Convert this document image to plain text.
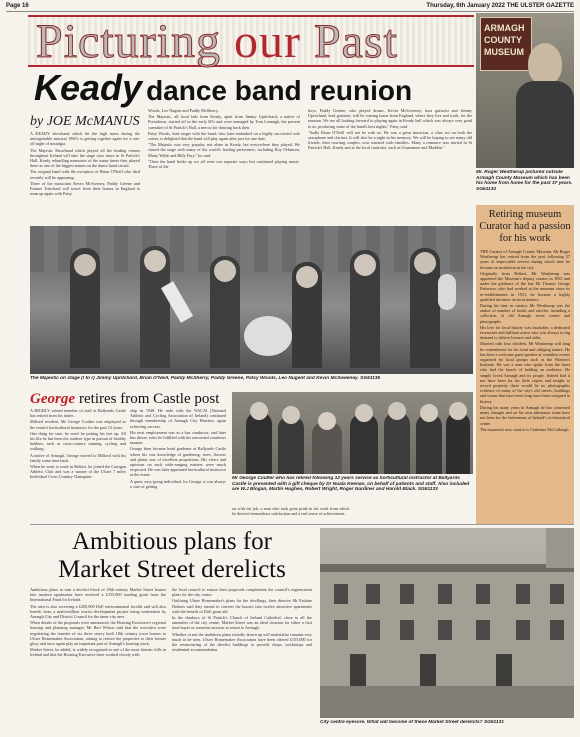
Page 16	Thursday, 6th January 2022 THE ULSTER GAZETTE
Picturing our Past	ARMAGH
COUNTY
MUSEUM
Mr. Roger Weatherup pictured outside Armagh County Museum which has been his home from home for the past 37 years. SG51134
Retiring museum Curator had a passion for his work

THE Curator of Armagh County Museum, Mr Roger Weatherup has retired from the post following 37 years of impeccable service during which time he became an institution in the city.

Originally from Belfast, Mr Weatherup was appointed the Museum's deputy curator in 1955 and under the guidance of the late Mr Thomas George Patterson, who had worked at the museum since its re-establishment in 1931, he became a highly qualified informer on local matters.

During his time as curator, Mr Weatherup was the author of number of books and articles, including a collection of old Armagh street scenes and photographs.

His love for local history was insatiable, a dedicated researcher and brilliant orator who was always in big demand to deliver lectures and talks.

Married with four children, Mr Weatherup will long be remembered for his kind and obliging nature. He has been a welcome guest speaker at countless events organised by local groups such as the Women's Institute. He was a man who spoke from the heart who had the knack of holding an audience. He simply loved Armagh and its people. Indeed had it not have been for his little capers and insight to record posterity there would be no photographic evidence of many of the city's old streets, buildings and scenes that have been long since been resigned to history.

During his many years in Armagh he has witnessed many changes and on his own admission some have not been for the betterment of Ireland's ecclesiastical centre.

The museum's new curator is Catherine McCullough.

Keady dance band reunion
by JOE McMANUS

A KEADY showband which hit the high notes during the unforgettable musical 1960's is getting together again for a one-off night of nostalgia.

The Majestic Showband which played all the leading venues throughout Ireland will take the stage once more in St Patrick's Hall, Keady rekindling memories of the many times they played there as one of the biggest names on the dance band circuit.

The original band with the exception of Brian O'Neill who died recently will be appearing.

Three of the musicians Kevin McSweney, Paddy Greene and Emmet Trinchard will travel from their homes in England to team up again with Patsy

Woods, Leo Nugent and Paddy McSherry.

The Majestic, all local lads from Keady, apart from Jimmy Upritchard, a native of Portadown, started off in the early 60's and were managed by Tom Lennagh, the present caretaker of St Patrick's Hall, a mecca for dancing back then.

Patsy Woods, lead singer with the band, who later embarked on a highly successful solo career, is delighted that the band will play again after just for one date.

"The Majestic was very popular, not alone in Keady, but everywhere they played. We shared the stage with many of the world's leading performers, including Roy Orbinson, Marty Wilde and Billy Fury," he said.

"Once the band broke up we all went our separate ways but continued playing music. Three of the

boys, Paddy Greene, who played drums, Kevin McSweeney, bass guitarist and Jimmy Upritchard, lead guitarist, will be coming home from England, where they live and work, for the reunion. We are all looking forward to playing again in Keady hall which was always very good to us, producing some of the band's best nights," Patsy said.

"Sadly Brian O'Neill will not be with us. He was a great musician, a class act on both the saxophone and clarinet. It will also be a night in his memory. We will be hoping to see many old friends, then courting couples, now married with families. Many a romance was started in St Patrick's Hall, Keady and at the local carnivals, such as Granemore and Madden."

The Majestic on stage (l to r) Jimmy Upritchard, Brian O'Neill, Paddy McSherry, Paddy Greene, Patsy Woods, Leo Nugent and Kevin McSweeney. SG51135
George retires from Castle post

A HIGHLY valued member of staff at Ballyards Castle has retired from his duties.

Milford resident, Mr George Coulter was employed as the estate's horticultural instructor for the past 12 years.

One thing for sure, he won't be putting his feet up. All his life he has been the outdoor type in pursuit of healthy hobbies, such as cross-country running, cycling and walking.

A native of Armagh, George moved to Milford with his family some time back.

When he went to work in Belfast, he joined the Carrigan Athletic Club and was a winner of the Ulster 7 miles Individual Cross Country Champion-

ship in 1948. He rode with the NACAI (National Athletic and Cycling Association of Ireland) continued through membership of Armagh City Harriers, again achieving success.

His next employment was as a bus conductor, and later bus driver, roles he fulfilled with his renowned courteous manner.

George then became head gardener at Ballyards Castle where his vast knowledge of gardening, trees, flowers and plants was of excellent proportions. His views and opinions on such wide-ranging matters were much respected. He was later appointed horticultural instructor at the estate.

A quiet, easy-going individual, for George, it was always a case of getting

Mr George Coulter who has retired following 12 years service as horticultural instructor at Ballyards Castle is presented with a gift cheque by Dr Nuala Keenan, on behalf of patients and staff. Also included are W.J Blogan, Martin Hughes, Robert Wright, Roger Gardiner and Harold Black. SG51133
on with the job, a man who took great pride in his work from which he derived tremendous satisfaction and a real sense of achievement.
Ambitious plans for
Market Street derelicts

Ambitious plans to turn a derelict block of 18th century Market Street houses into modern apartments have received a £155,000 funding grant from the International Fund for Ireland.

The area is also receiving a £200,000 DoE environmental facelift and will also benefit from a multi-million tourist development project being undertaken by Armagh City and District Council for the inner city area.

When details of the proposals were announced, the Housing Executive's regional housing and planning manager, Mr Bert Wilson said that the executive were negotiating the transfer of six three storey built 18th century town houses to Ulster Homemaker Association, aiming to restore the properties to their former glory and once again play an important part of Armagh's housing stock.

Market Street, he added, is widely recognised as one of the most historic hills in Ireland and that the Housing Executive have worked closely with

the local council to ensure their proposals complement the council's regeneration plans for the city centre.

Outlining Ulster Homemaker's plans for the dwellings, their director Mr Erskine Holmes said they intend to convert the houses into twelve attractive apartments with the benefit of DoE grant aid.

In the shadows of St Patrick's Church of Ireland Cathedral, close to all the amenities of the city centre, Market Street was an ideal location for either a first time buyer or someone anxious to return to Armagh.

Whether or not the ambitious plans initially drawn up will materialise remains very much to be seen. Ulster Homemaker Association have been offered £155,000 for the restructuring of the derelict buildings to provide shops, workshops and residential accommodation.

City centre eyesore. What will become of these Market Street derelicts? SG51131
